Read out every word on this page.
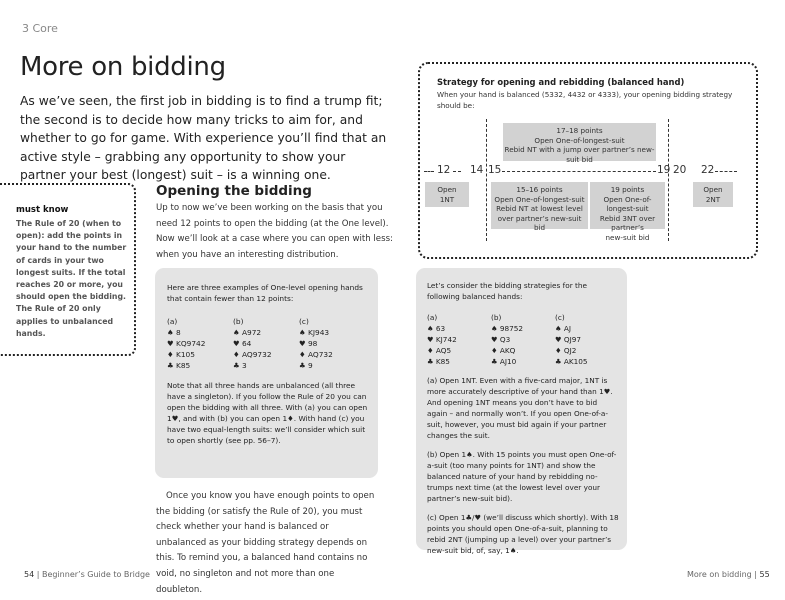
3 Core
More on bidding

As we’ve seen, the first job in bidding is to find a trump fit; the second is to decide how many tricks to aim for, and whether to go for game. With experience you’ll find that an active style – grabbing any opportunity to show your partner your best (longest) suit – is a winning one.

must know
The Rule of 20 (when to open): add the points in your hand to the number of cards in your two longest suits. If the total reaches 20 or more, you should open the bidding. The Rule of 20 only applies to unbalanced hands.
Opening the bidding

Up to now we’ve been working on the basis that you need 12 points to open the bidding (at the One level). Now we’ll look at a case where you can open with less: when you have an interesting distribution.

Here are three examples of One-level opening hands that contain fewer than 12 points:
(a)
♠ 8
♥ KQ9742
♦ K105
♣ K85
(b)
♠ A972
♥ 64
♦ AQ9732
♣ 3
(c)
♠ KJ943
♥ 98
♦ AQ732
♣ 9
Note that all three hands are unbalanced (all three have a singleton). If you follow the Rule of 20 you can open the bidding with all three. With (a) you can open 1♥, and with (b) you can open 1♦. With hand (c) you have two equal-length suits: we’ll consider which suit to open shortly (see pp. 56–7).

Once you know you have enough points to open the bidding (or satisfy the Rule of 20), you must check whether your hand is balanced or unbalanced as your bidding strategy depends on this. To remind you, a balanced hand contains no void, no singleton and not more than one doubleton.

Strategy for opening and rebidding (balanced hand)
When your hand is balanced (5332, 4432 or 4333), your opening bidding strategy should be:
17–18 points
Open One-of-longest-suit
Rebid NT with a jump over partner’s new-suit bid
12 14 15	19 20 22
Open
1NT
15–16 points
Open One-of-longest-suit
Rebid NT at lowest level
over partner’s new-suit bid
19 points
Open One-of-longest-suit
Rebid 3NT over partner’s
new-suit bid
Open
2NT
Let’s consider the bidding strategies for the following balanced hands:
(a)
♠ 63
♥ KJ742
♦ AQ5
♣ K85
(b)
♠ 98752
♥ Q3
♦ AKQ
♣ AJ10
(c)
♠ AJ
♥ QJ97
♦ QJ2
♣ AK105

(a) Open 1NT. Even with a five-card major, 1NT is more accurately descriptive of your hand than 1♥. And opening 1NT means you don’t have to bid again – and normally won’t. If you open One-of-a-suit, however, you must bid again if your partner changes the suit.

(b) Open 1♠. With 15 points you must open One-of-a-suit (too many points for 1NT) and show the balanced nature of your hand by rebidding no-trumps next time (at the lowest level over your partner’s new-suit bid).

(c) Open 1♣/♥ (we’ll discuss which shortly). With 18 points you should open One-of-a-suit, planning to rebid 2NT (jumping up a level) over your partner’s new-suit bid, of, say, 1♠.

54 | Beginner’s Guide to Bridge	More on bidding | 55
